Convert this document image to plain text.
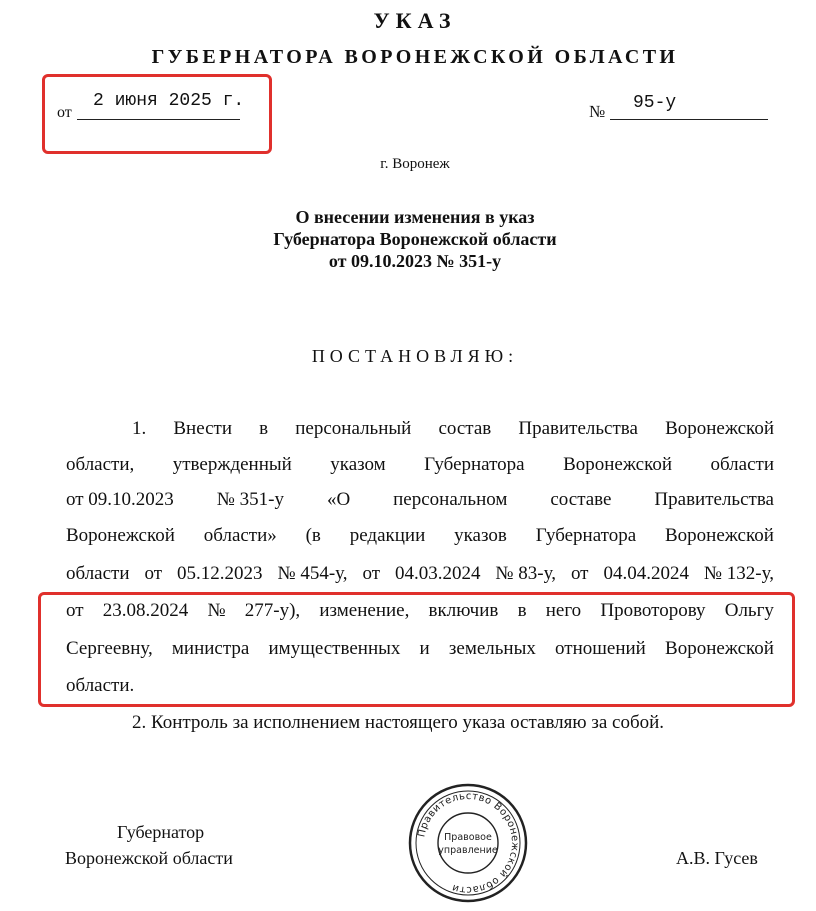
УКАЗ
ГУБЕРНАТОРА ВОРОНЕЖСКОЙ ОБЛАСТИ
от
2 июня 2025 г.
№ 95-у
г. Воронеж
О внесении изменения в указ
Губернатора Воронежской области
от 09.10.2023 № 351-у
ПОСТАНОВЛЯЮ:
1. Внести в персональный состав Правительства Воронежской
области, утвержденный указом Губернатора Воронежской области
от 09.10.2023 № 351-у «О персональном составе Правительства
Воронежской области» (в редакции указов Губернатора Воронежской
области от 05.12.2023 № 454-у, от 04.03.2024 № 83-у, от 04.04.2024 № 132-у,
от 23.08.2024 № 277-у), изменение, включив в него Провоторову Ольгу
Сергеевну, министра имущественных и земельных отношений Воронежской
области.
2. Контроль за исполнением настоящего указа оставляю за собой.
Губернатор
Воронежской области	А.В. Гусев
Правительство Воронежской области
Правовое
управление
